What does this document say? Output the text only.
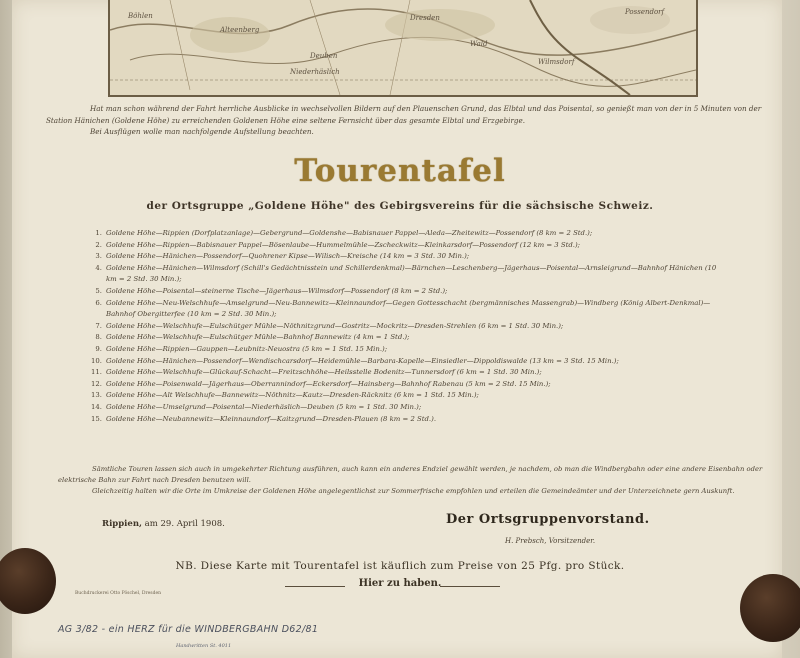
Böhlen
Alteenberg
Deuben
Niederhäslich
Possendorf
Wilmsdorf
Dresden
Wald

Hat man schon während der Fahrt herrliche Ausblicke in wechselvollen Bildern auf den Plauenschen Grund, das Elbtal und das Poisental, so genießt man von der in 5 Minuten von der Station Hänichen (Goldene Höhe) zu erreichenden Goldenen Höhe eine seltene Fernsicht über das gesamte Elbtal und Erzgebirge.

Bei Ausflügen wolle man nachfolgende Aufstellung beachten.

Tourentafel
der Ortsgruppe „Goldene Höhe" des Gebirgsvereins für die sächsische Schweiz.
1. Goldene Höhe—Rippien (Dorfplatzanlage)—Gebergrund—Goldenshe—Babisnauer Pappel—Aleda—Zheitewitz—Possendorf (8 km = 2 Std.);
2. Goldene Höhe—Rippien—Babisnauer Pappel—Bösenlaube—Hummelmühle—Zscheckwitz—Kleinkarsdorf—Possendorf (12 km = 3 Std.);
3. Goldene Höhe—Hänichen—Possendorf—Quohrener Kipse—Wilisch—Kreische (14 km = 3 Std. 30 Min.);
4. Goldene Höhe—Hänichen—Wilmsdorf (Schill's Gedächtnisstein und Schillerdenkmal)—Bärnchen—Leschenberg—Jägerhaus—Poisental—Arnsleigrund—Bahnhof Hänichen (10 km = 2 Std. 30 Min.);
5. Goldene Höhe—Poisental—steinerne Tische—Jägerhaus—Wilmsdorf—Possendorf (8 km = 2 Std.);
6. Goldene Höhe—Neu-Welschhufe—Amselgrund—Neu-Bannewitz—Kleinnaundorf—Gegen Gottesschacht (bergmännisches Massengrab)—Windberg (König Albert-Denkmal)—Bahnhof Obergitterfee (10 km = 2 Std. 30 Min.);
7. Goldene Höhe—Welschhufe—Eulschütger Mühle—Nöthnitzgrund—Gostritz—Mockritz—Dresden-Strehlen (6 km = 1 Std. 30 Min.);
8. Goldene Höhe—Welschhufe—Eulschütger Mühle—Bahnhof Bannewitz (4 km = 1 Std.);
9. Goldene Höhe—Rippien—Gauppen—Leubnitz-Neuostra (5 km = 1 Std. 15 Min.);
10. Goldene Höhe—Hänichen—Possendorf—Wendischcarsdorf—Heidemühle—Barbara-Kapelle—Einsiedler—Dippoldiswalde (13 km = 3 Std. 15 Min.);
11. Goldene Höhe—Welschhufe—Glückauf-Schacht—Freitzschhöhe—Heilsstelle Bodenitz—Tunnersdorf (6 km = 1 Std. 30 Min.);
12. Goldene Höhe—Poisenwald—Jägerhaus—Oberrannindorf—Eckersdorf—Hainsberg—Bahnhof Rabenau (5 km = 2 Std. 15 Min.);
13. Goldene Höhe—Alt Welschhufe—Bannewitz—Nöthnitz—Kautz—Dresden-Räcknitz (6 km = 1 Std. 15 Min.);
14. Goldene Höhe—Umselgrund—Poisental—Niederhäslich—Deuben (5 km = 1 Std. 30 Min.);
15. Goldene Höhe—Neubannewitz—Kleinnaundorf—Kaitzgrund—Dresden-Plauen (8 km = 2 Std.).

Sämtliche Touren lassen sich auch in umgekehrter Richtung ausführen, auch kann ein anderes Endziel gewählt werden, je nachdem, ob man die Windbergbahn oder eine andere Eisenbahn oder elektrische Bahn zur Fahrt nach Dresden benutzen will.

Gleichzeitig halten wir die Orte im Umkreise der Goldenen Höhe angelegentlichst zur Sommerfrische empfohlen und erteilen die Gemeindeämter und der Unterzeichnete gern Auskunft.

Rippien, am 29. April 1908.	Der Ortsgruppenvorstand.
H. Prebsch, Vorsitzender.
NB. Diese Karte mit Tourentafel ist käuflich zum Preise von 25 Pfg. pro Stück.
Hier zu haben.
Buchdruckerei Otto Pöschel, Dresden
AG 3/82 - ein HERZ für die WINDBERGBAHN D62/81
Handwritten St. 4011
